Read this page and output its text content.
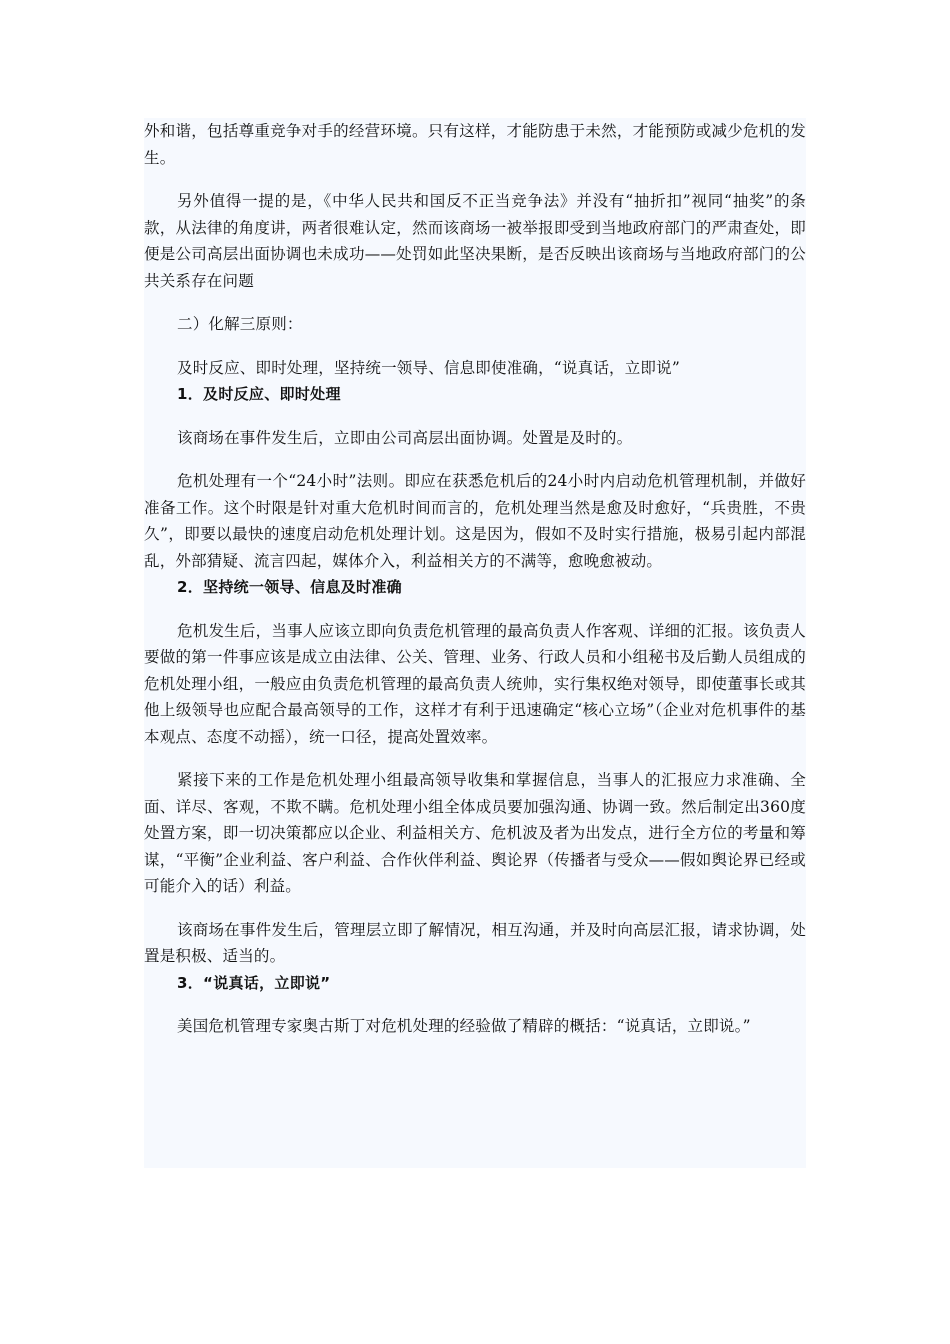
外和谐，包括尊重竞争对手的经营环境。只有这样，才能防患于未然，才能预防或减少危机的发生。

另外值得一提的是，《中华人民共和国反不正当竞争法》并没有“抽折扣”视同“抽奖”的条款，从法律的角度讲，两者很难认定，然而该商场一被举报即受到当地政府部门的严肃查处，即便是公司高层出面协调也未成功——处罚如此坚决果断，是否反映出该商场与当地政府部门的公共关系存在问题

二）化解三原则：

及时反应、即时处理，坚持统一领导、信息即使准确，“说真话，立即说”

1．及时反应、即时处理

该商场在事件发生后，立即由公司高层出面协调。处置是及时的。

危机处理有一个“24小时”法则。即应在获悉危机后的24小时内启动危机管理机制，并做好准备工作。这个时限是针对重大危机时间而言的，危机处理当然是愈及时愈好，“兵贵胜，不贵久”，即要以最快的速度启动危机处理计划。这是因为，假如不及时实行措施，极易引起内部混乱，外部猜疑、流言四起，媒体介入，利益相关方的不满等，愈晚愈被动。

2．坚持统一领导、信息及时准确

危机发生后，当事人应该立即向负责危机管理的最高负责人作客观、详细的汇报。该负责人要做的第一件事应该是成立由法律、公关、管理、业务、行政人员和小组秘书及后勤人员组成的危机处理小组，一般应由负责危机管理的最高负责人统帅，实行集权绝对领导，即使董事长或其他上级领导也应配合最高领导的工作，这样才有利于迅速确定“核心立场”（企业对危机事件的基本观点、态度不动摇），统一口径，提高处置效率。

紧接下来的工作是危机处理小组最高领导收集和掌握信息，当事人的汇报应力求准确、全面、详尽、客观，不欺不瞒。危机处理小组全体成员要加强沟通、协调一致。然后制定出360度处置方案，即一切决策都应以企业、利益相关方、危机波及者为出发点，进行全方位的考量和筹谋，“平衡”企业利益、客户利益、合作伙伴利益、舆论界（传播者与受众——假如舆论界已经或可能介入的话）利益。

该商场在事件发生后，管理层立即了解情况，相互沟通，并及时向高层汇报，请求协调，处置是积极、适当的。

3．“说真话，立即说”

美国危机管理专家奥古斯丁对危机处理的经验做了精辟的概括：“说真话，立即说。”
